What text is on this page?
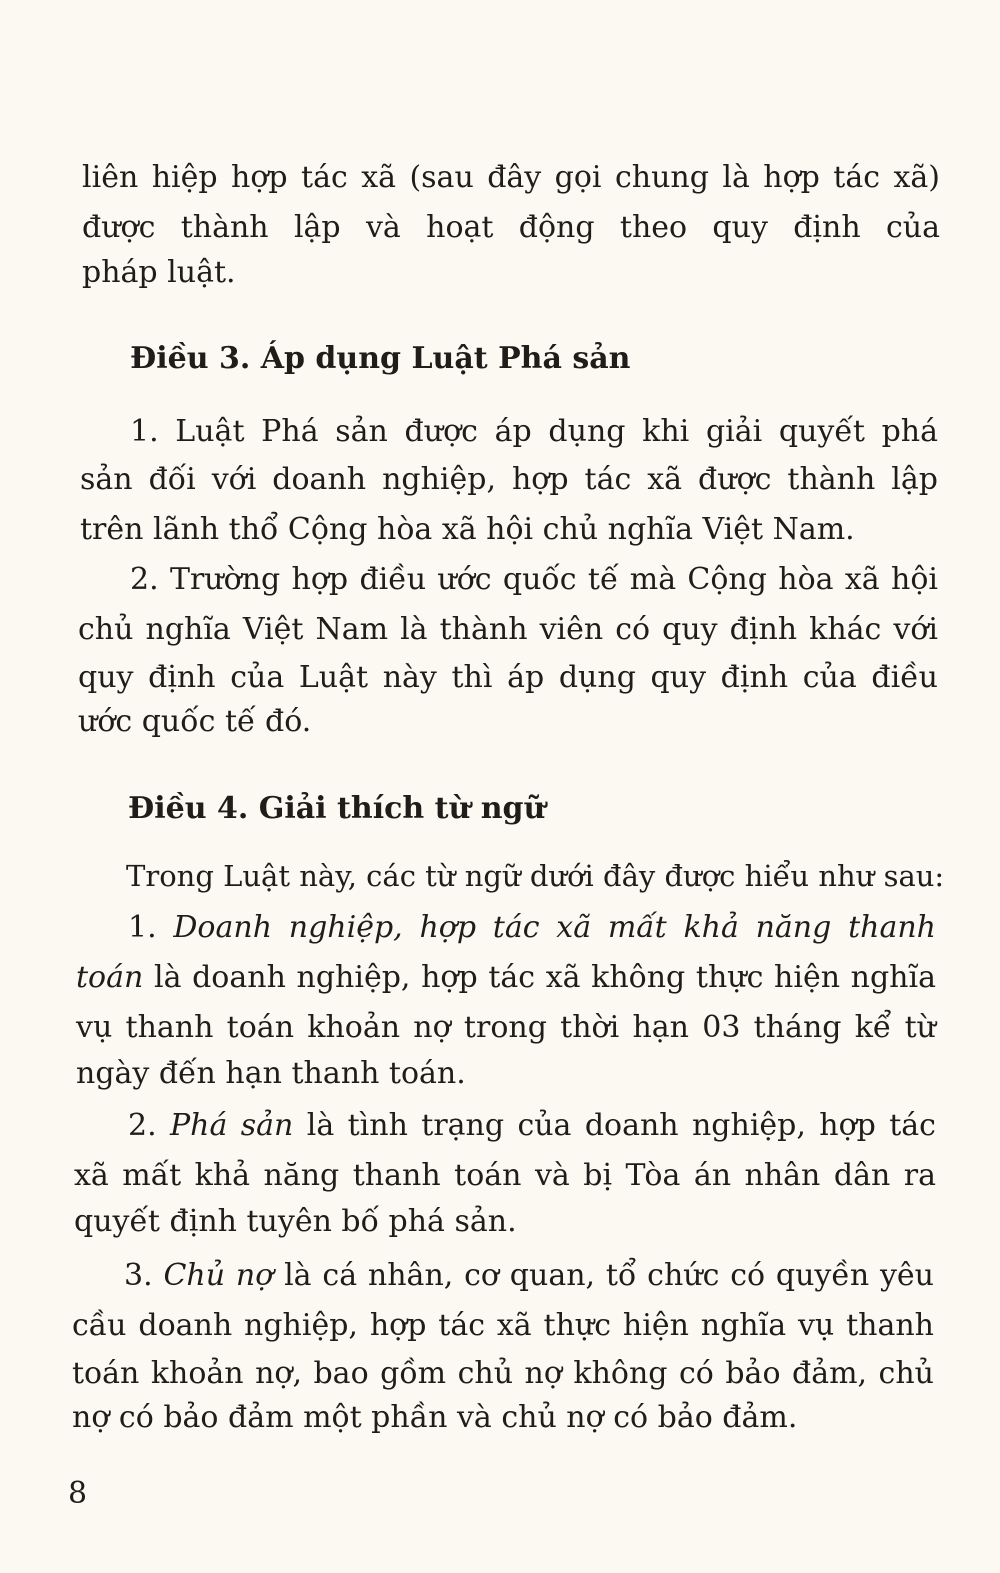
liên hiệp hợp tác xã (sau đây gọi chung là hợp tác xã)

được thành lập và hoạt động theo quy định của

pháp luật.

Điều 3. Áp dụng Luật Phá sản

1. Luật Phá sản được áp dụng khi giải quyết phá

sản đối với doanh nghiệp, hợp tác xã được thành lập

trên lãnh thổ Cộng hòa xã hội chủ nghĩa Việt Nam.

2. Trường hợp điều ước quốc tế mà Cộng hòa xã hội

chủ nghĩa Việt Nam là thành viên có quy định khác với

quy định của Luật này thì áp dụng quy định của điều

ước quốc tế đó.

Điều 4. Giải thích từ ngữ

Trong Luật này, các từ ngữ dưới đây được hiểu như sau:

1. Doanh nghiệp, hợp tác xã mất khả năng thanh

toán là doanh nghiệp, hợp tác xã không thực hiện nghĩa

vụ thanh toán khoản nợ trong thời hạn 03 tháng kể từ

ngày đến hạn thanh toán.

2. Phá sản là tình trạng của doanh nghiệp, hợp tác

xã mất khả năng thanh toán và bị Tòa án nhân dân ra

quyết định tuyên bố phá sản.

3. Chủ nợ là cá nhân, cơ quan, tổ chức có quyền yêu

cầu doanh nghiệp, hợp tác xã thực hiện nghĩa vụ thanh

toán khoản nợ, bao gồm chủ nợ không có bảo đảm, chủ

nợ có bảo đảm một phần và chủ nợ có bảo đảm.

8
